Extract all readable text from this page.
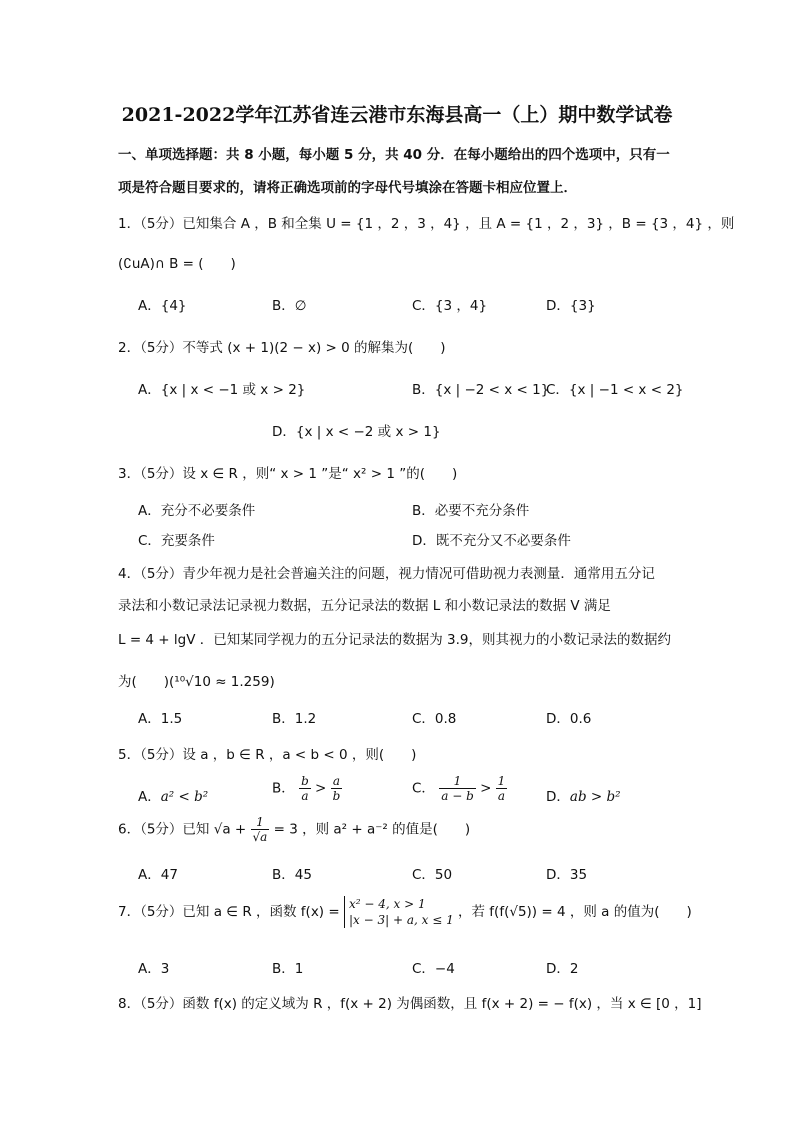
2021-2022学年江苏省连云港市东海县高一（上）期中数学试卷
一、单项选择题：共 8 小题，每小题 5 分，共 40 分．在每小题给出的四个选项中，只有一
项是符合题目要求的，请将正确选项前的字母代号填涂在答题卡相应位置上．
1．（5分）已知集合 A ，B 和全集 U = {1 ，2 ，3 ，4} ，且 A = {1 ，2 ，3} ，B = {3 ，4} ，则
(∁uA)∩ B = (　　)
A．{4}	B．∅	C．{3 ，4}	D．{3}
2．（5分）不等式 (x + 1)(2 − x) > 0 的解集为(　　)
A．{x | x < −1 或 x > 2}	B．{x | −2 < x < 1}
C．{x | −1 < x < 2}
D．{x | x < −2 或 x > 1}
3．（5分）设 x ∈ R ，则“ x > 1 ”是“ x² > 1 ”的(　　)
A．充分不必要条件	B．必要不充分条件
C．充要条件	D．既不充分又不必要条件
4．（5分）青少年视力是社会普遍关注的问题，视力情况可借助视力表测量．通常用五分记
录法和小数记录法记录视力数据，五分记录法的数据 L 和小数记录法的数据 V 满足
L = 4 + lgV ．已知某同学视力的五分记录法的数据为 3.9，则其视力的小数记录法的数据约
为(　　)(¹⁰√10 ≈ 1.259)
A．1.5	B．1.2	C．0.8	D．0.6
5．（5分）设 a ，b ∈ R ，a < b < 0 ，则(　　)
A．a² < b²
B． $\frac{b}{a} > \frac{a}{b}$	C． $\frac{1}{a - b} > \frac{1}{a}$	D．ab > b²
6．（5分）已知 $√a + \frac{1}{√a} = 3$ ，则 a² + a⁻² 的值是(　　)
A．47	B．45	C．50	D．35
7．（5分）已知 a ∈ R ，函数 f(x) = x² − 4, x > 1
|x − 3| + a, x ≤ 1 ，若 f(f(√5)) = 4 ，则 a 的值为(　　)
A．3	B．1	C．−4	D．2
8．（5分）函数 f(x) 的定义域为 R ，f(x + 2) 为偶函数，且 f(x + 2) = − f(x) ，当 x ∈ [0 ，1]
